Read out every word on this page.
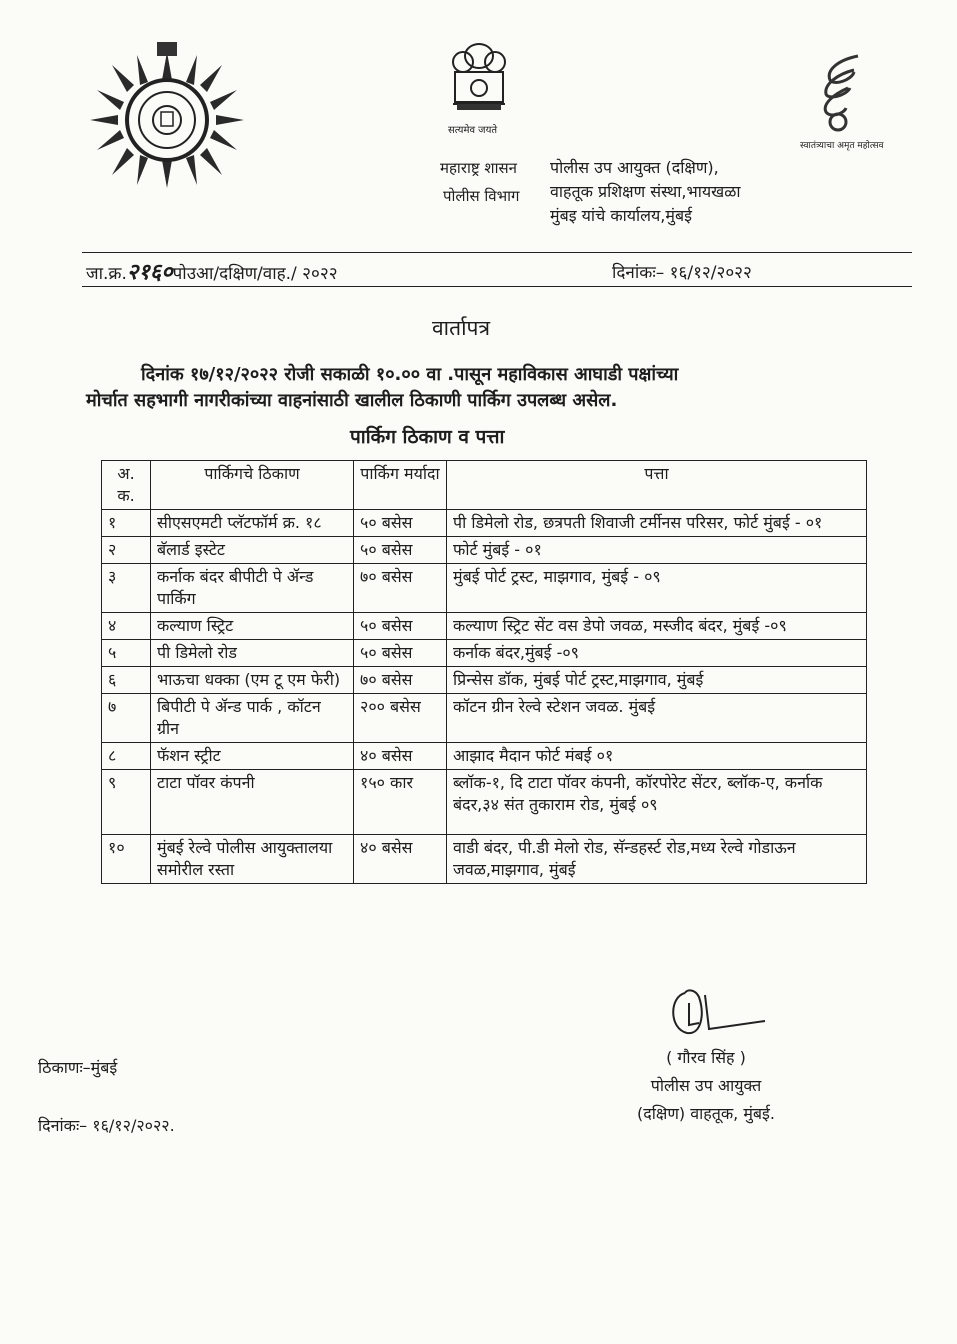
सत्यमेव जयते
स्वातंत्र्याचा अमृत महोत्सव
महाराष्ट्र शासन
पोलीस विभाग
पोलीस उप आयुक्त (दक्षिण),
वाहतूक प्रशिक्षण संस्था,भायखळा
मुंबइ यांचे कार्यालय,मुंबई
जा.क्र.२१६०पोउआ/दक्षिण/वाह./ २०२२	दिनांकः– १६/१२/२०२२
वार्तापत्र
दिनांक १७/१२/२०२२ रोजी सकाळी १०.०० वा .पासून महाविकास आघाडी पक्षांच्या
मोर्चात सहभागी नागरीकांच्या वाहनांसाठी खालील ठिकाणी पार्किग उपलब्ध असेल.
पार्किग ठिकाण व पत्ता
अ. क.	पार्किगचे ठिकाण	पार्किग मर्यादा	पत्ता
१	सीएसएमटी प्लॅटफॉर्म क्र. १८	५० बसेस	पी डिमेलो रोड, छत्रपती शिवाजी टर्मीनस परिसर, फोर्ट मुंबई - ०१
२	बॅलार्ड इस्टेट	५० बसेस	फोर्ट मुंबई - ०१
३	कर्नाक बंदर बीपीटी पे ॲन्ड पार्किग	७० बसेस	मुंबई पोर्ट ट्रस्ट, माझगाव, मुंबई - ०९
४	कल्याण स्ट्रिट	५० बसेस	कल्याण स्ट्रिट सेंट वस डेपो जवळ, मस्जीद बंदर, मुंबई -०९
५	पी डिमेलो रोड	५० बसेस	कर्नाक बंदर,मुंबई -०९
६	भाऊचा धक्का (एम टू एम फेरी)	७० बसेस	प्रिन्सेस डॉक, मुंबई पोर्ट ट्रस्ट,माझगाव, मुंबई
७	बिपीटी पे ॲन्ड पार्क , कॉटन ग्रीन	२०० बसेस	कॉटन ग्रीन रेल्वे स्टेशन जवळ. मुंबई
८	फॅशन स्ट्रीट	४० बसेस	आझाद मैदान फोर्ट मंबई ०१
९	टाटा पॉवर कंपनी	१५० कार	ब्लॉक-१, दि टाटा पॉवर कंपनी, कॉरपोरेट सेंटर, ब्लॉक-ए, कर्नाक बंदर,३४ संत तुकाराम रोड, मुंबई ०९
१०	मुंबई रेल्वे पोलीस आयुक्तालया समोरील रस्ता	४० बसेस	वाडी बंदर, पी.डी मेलो रोड, सॅन्डहर्स्ट रोड,मध्य रेल्वे गोडाऊन जवळ,माझगाव, मुंबई
( गौरव सिंह )
पोलीस उप आयुक्त
(दक्षिण) वाहतूक, मुंबई.
ठिकाणः–मुंबई
दिनांकः– १६/१२/२०२२.
